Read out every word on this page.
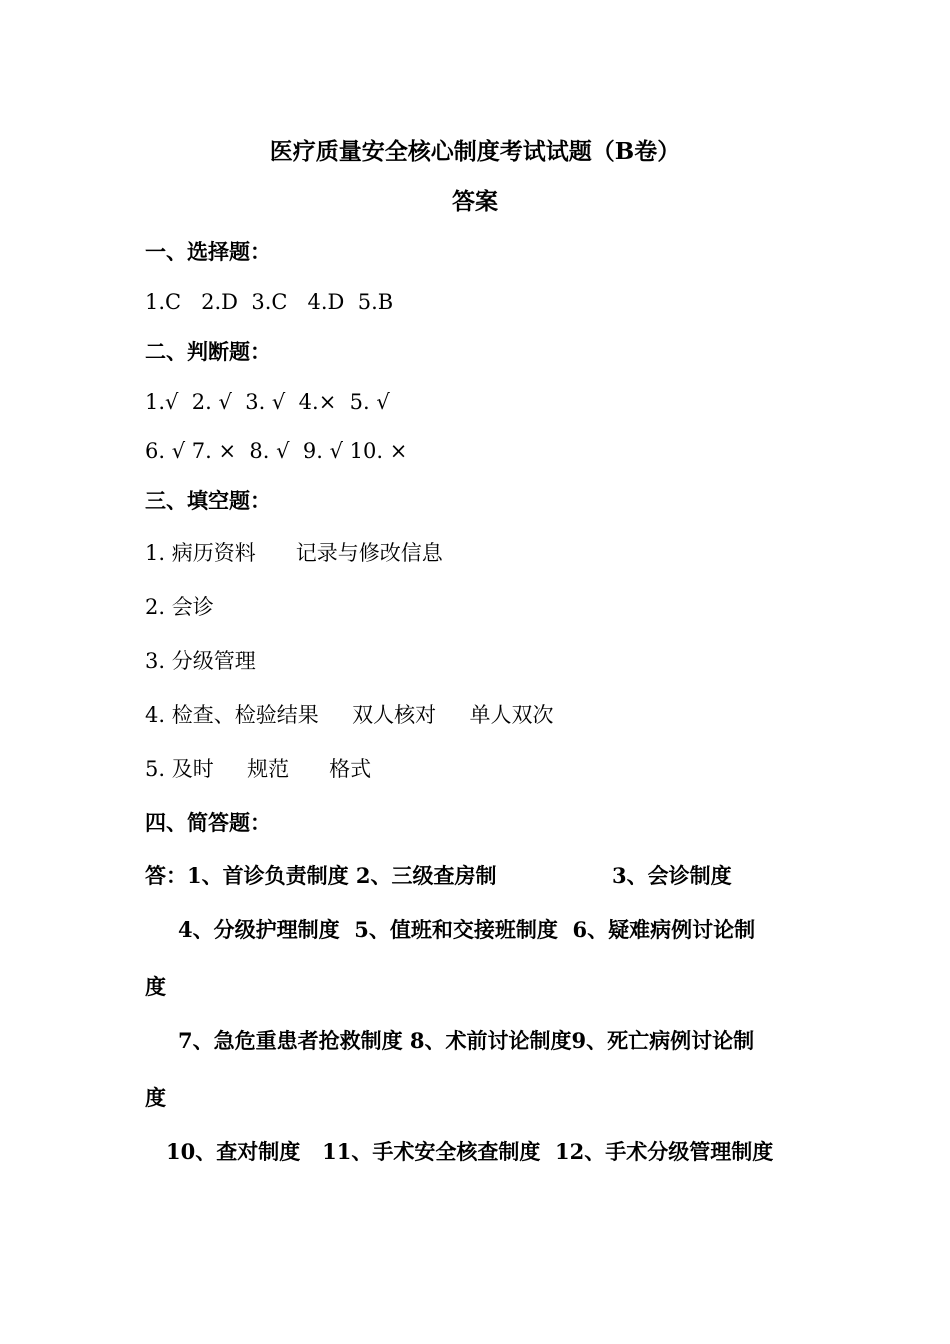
医疗质量安全核心制度考试试题（B卷）
答案
一、选择题：
1.C   2.D  3.C   4.D  5.B
二、判断题：
1.√  2. √  3. √  4.×  5. √
6. √ 7. ×  8. √  9. √ 10. ×
三、填空题：
1. 病历资料      记录与修改信息
2. 会诊
3. 分级管理
4. 检查、检验结果     双人核对     单人双次
5. 及时     规范      格式
四、简答题：
答：1、首诊负责制度 2、三级查房制	3、会诊制度
4、分级护理制度  5、值班和交接班制度  6、疑难病例讨论制
度
7、急危重患者抢救制度 8、术前讨论制度9、死亡病例讨论制
度
10、查对制度   11、手术安全核查制度  12、手术分级管理制度
